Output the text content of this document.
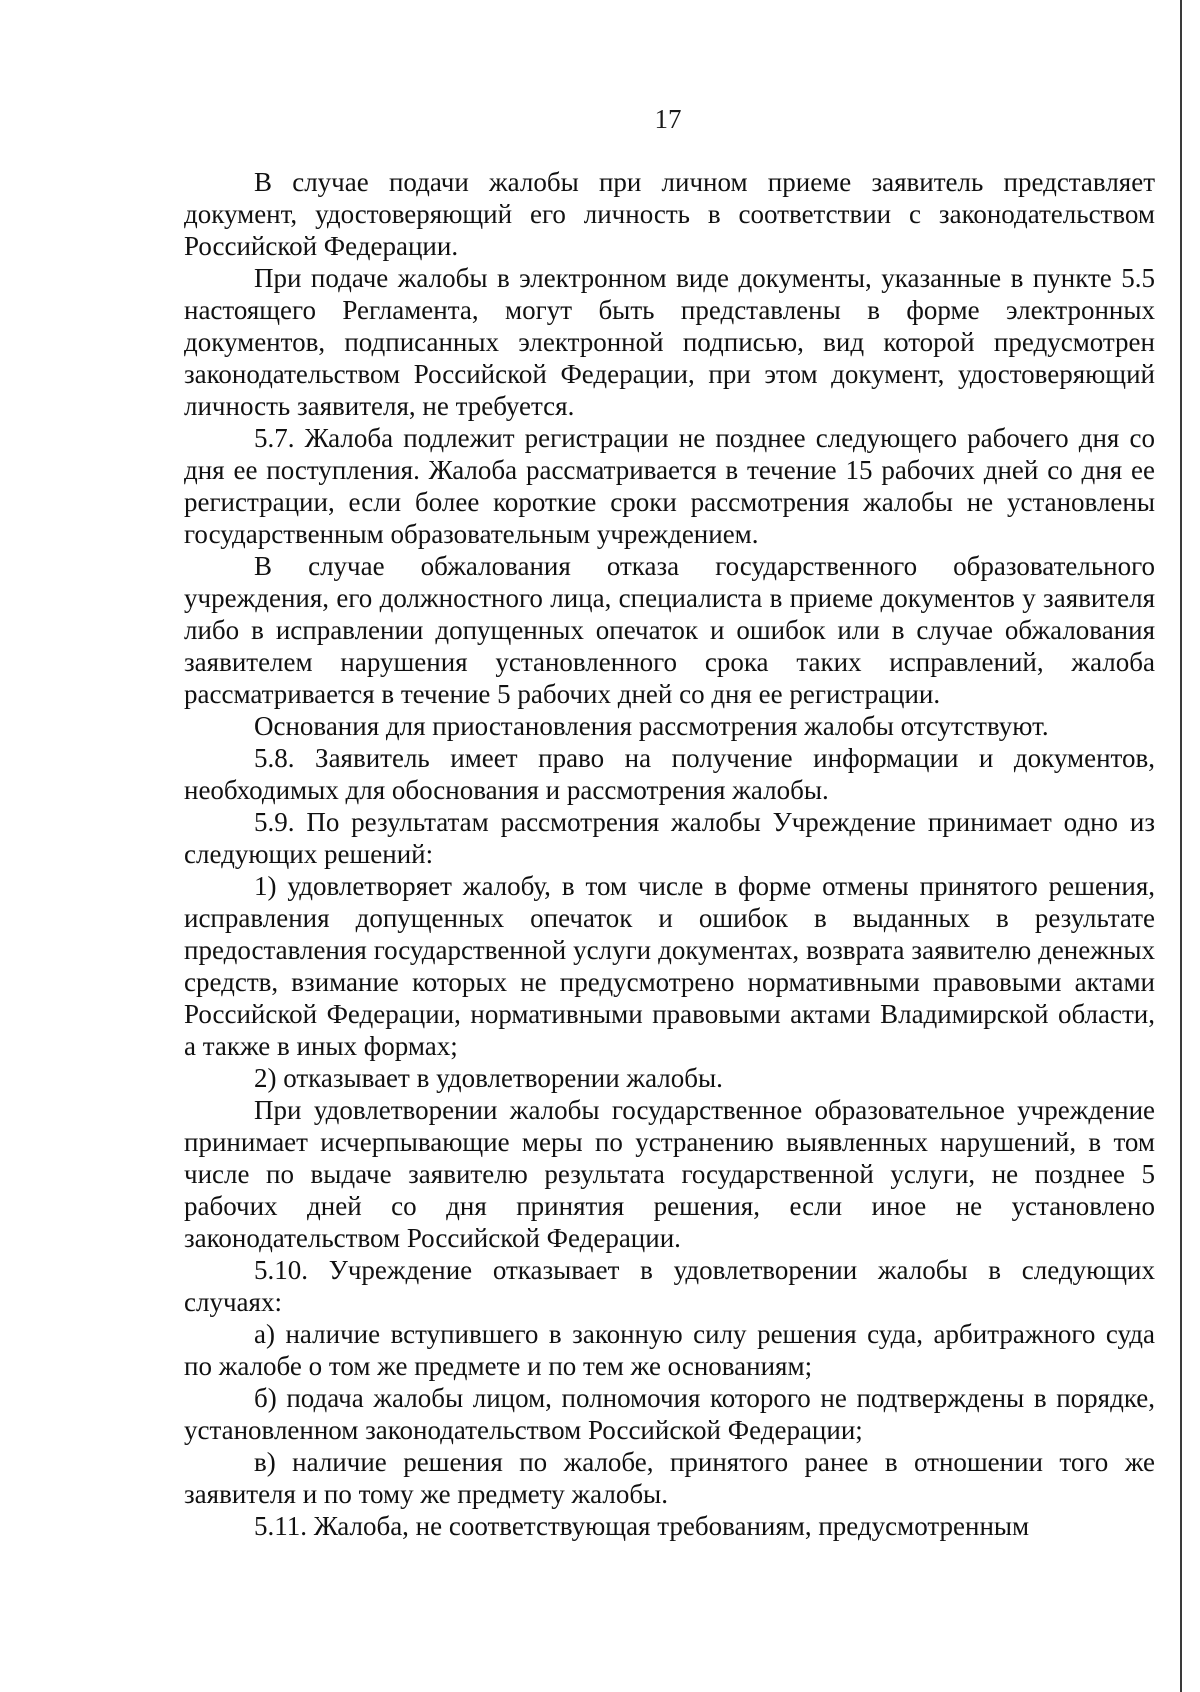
17

В случае подачи жалобы при личном приеме заявитель представляет документ, удостоверяющий его личность в соответствии с законодательством Российской Федерации.

При подаче жалобы в электронном виде документы, указанные в пункте 5.5 настоящего Регламента, могут быть представлены в форме электронных документов, подписанных электронной подписью, вид которой предусмотрен законодательством Российской Федерации, при этом документ, удостоверяющий личность заявителя, не требуется.

5.7. Жалоба подлежит регистрации не позднее следующего рабочего дня со дня ее поступления. Жалоба рассматривается в течение 15 рабочих дней со дня ее регистрации, если более короткие сроки рассмотрения жалобы не установлены государственным образовательным учреждением.

В случае обжалования отказа государственного образовательного учреждения, его должностного лица, специалиста в приеме документов у заявителя либо в исправлении допущенных опечаток и ошибок или в случае обжалования заявителем нарушения установленного срока таких исправлений, жалоба рассматривается в течение 5 рабочих дней со дня ее регистрации.

Основания для приостановления рассмотрения жалобы отсутствуют.

5.8. Заявитель имеет право на получение информации и документов, необходимых для обоснования и рассмотрения жалобы.

5.9. По результатам рассмотрения жалобы Учреждение принимает одно из следующих решений:

1) удовлетворяет жалобу, в том числе в форме отмены принятого решения, исправления допущенных опечаток и ошибок в выданных в результате предоставления государственной услуги документах, возврата заявителю денежных средств, взимание которых не предусмотрено нормативными правовыми актами Российской Федерации, нормативными правовыми актами Владимирской области, а также в иных формах;

2) отказывает в удовлетворении жалобы.

При удовлетворении жалобы государственное образовательное учреждение принимает исчерпывающие меры по устранению выявленных нарушений, в том числе по выдаче заявителю результата государственной услуги, не позднее 5 рабочих дней со дня принятия решения, если иное не установлено законодательством Российской Федерации.

5.10. Учреждение отказывает в удовлетворении жалобы в следующих случаях:

а) наличие вступившего в законную силу решения суда, арбитражного суда по жалобе о том же предмете и по тем же основаниям;

б) подача жалобы лицом, полномочия которого не подтверждены в порядке, установленном законодательством Российской Федерации;

в) наличие решения по жалобе, принятого ранее в отношении того же заявителя и по тому же предмету жалобы.

5.11. Жалоба, не соответствующая требованиям, предусмотренным
